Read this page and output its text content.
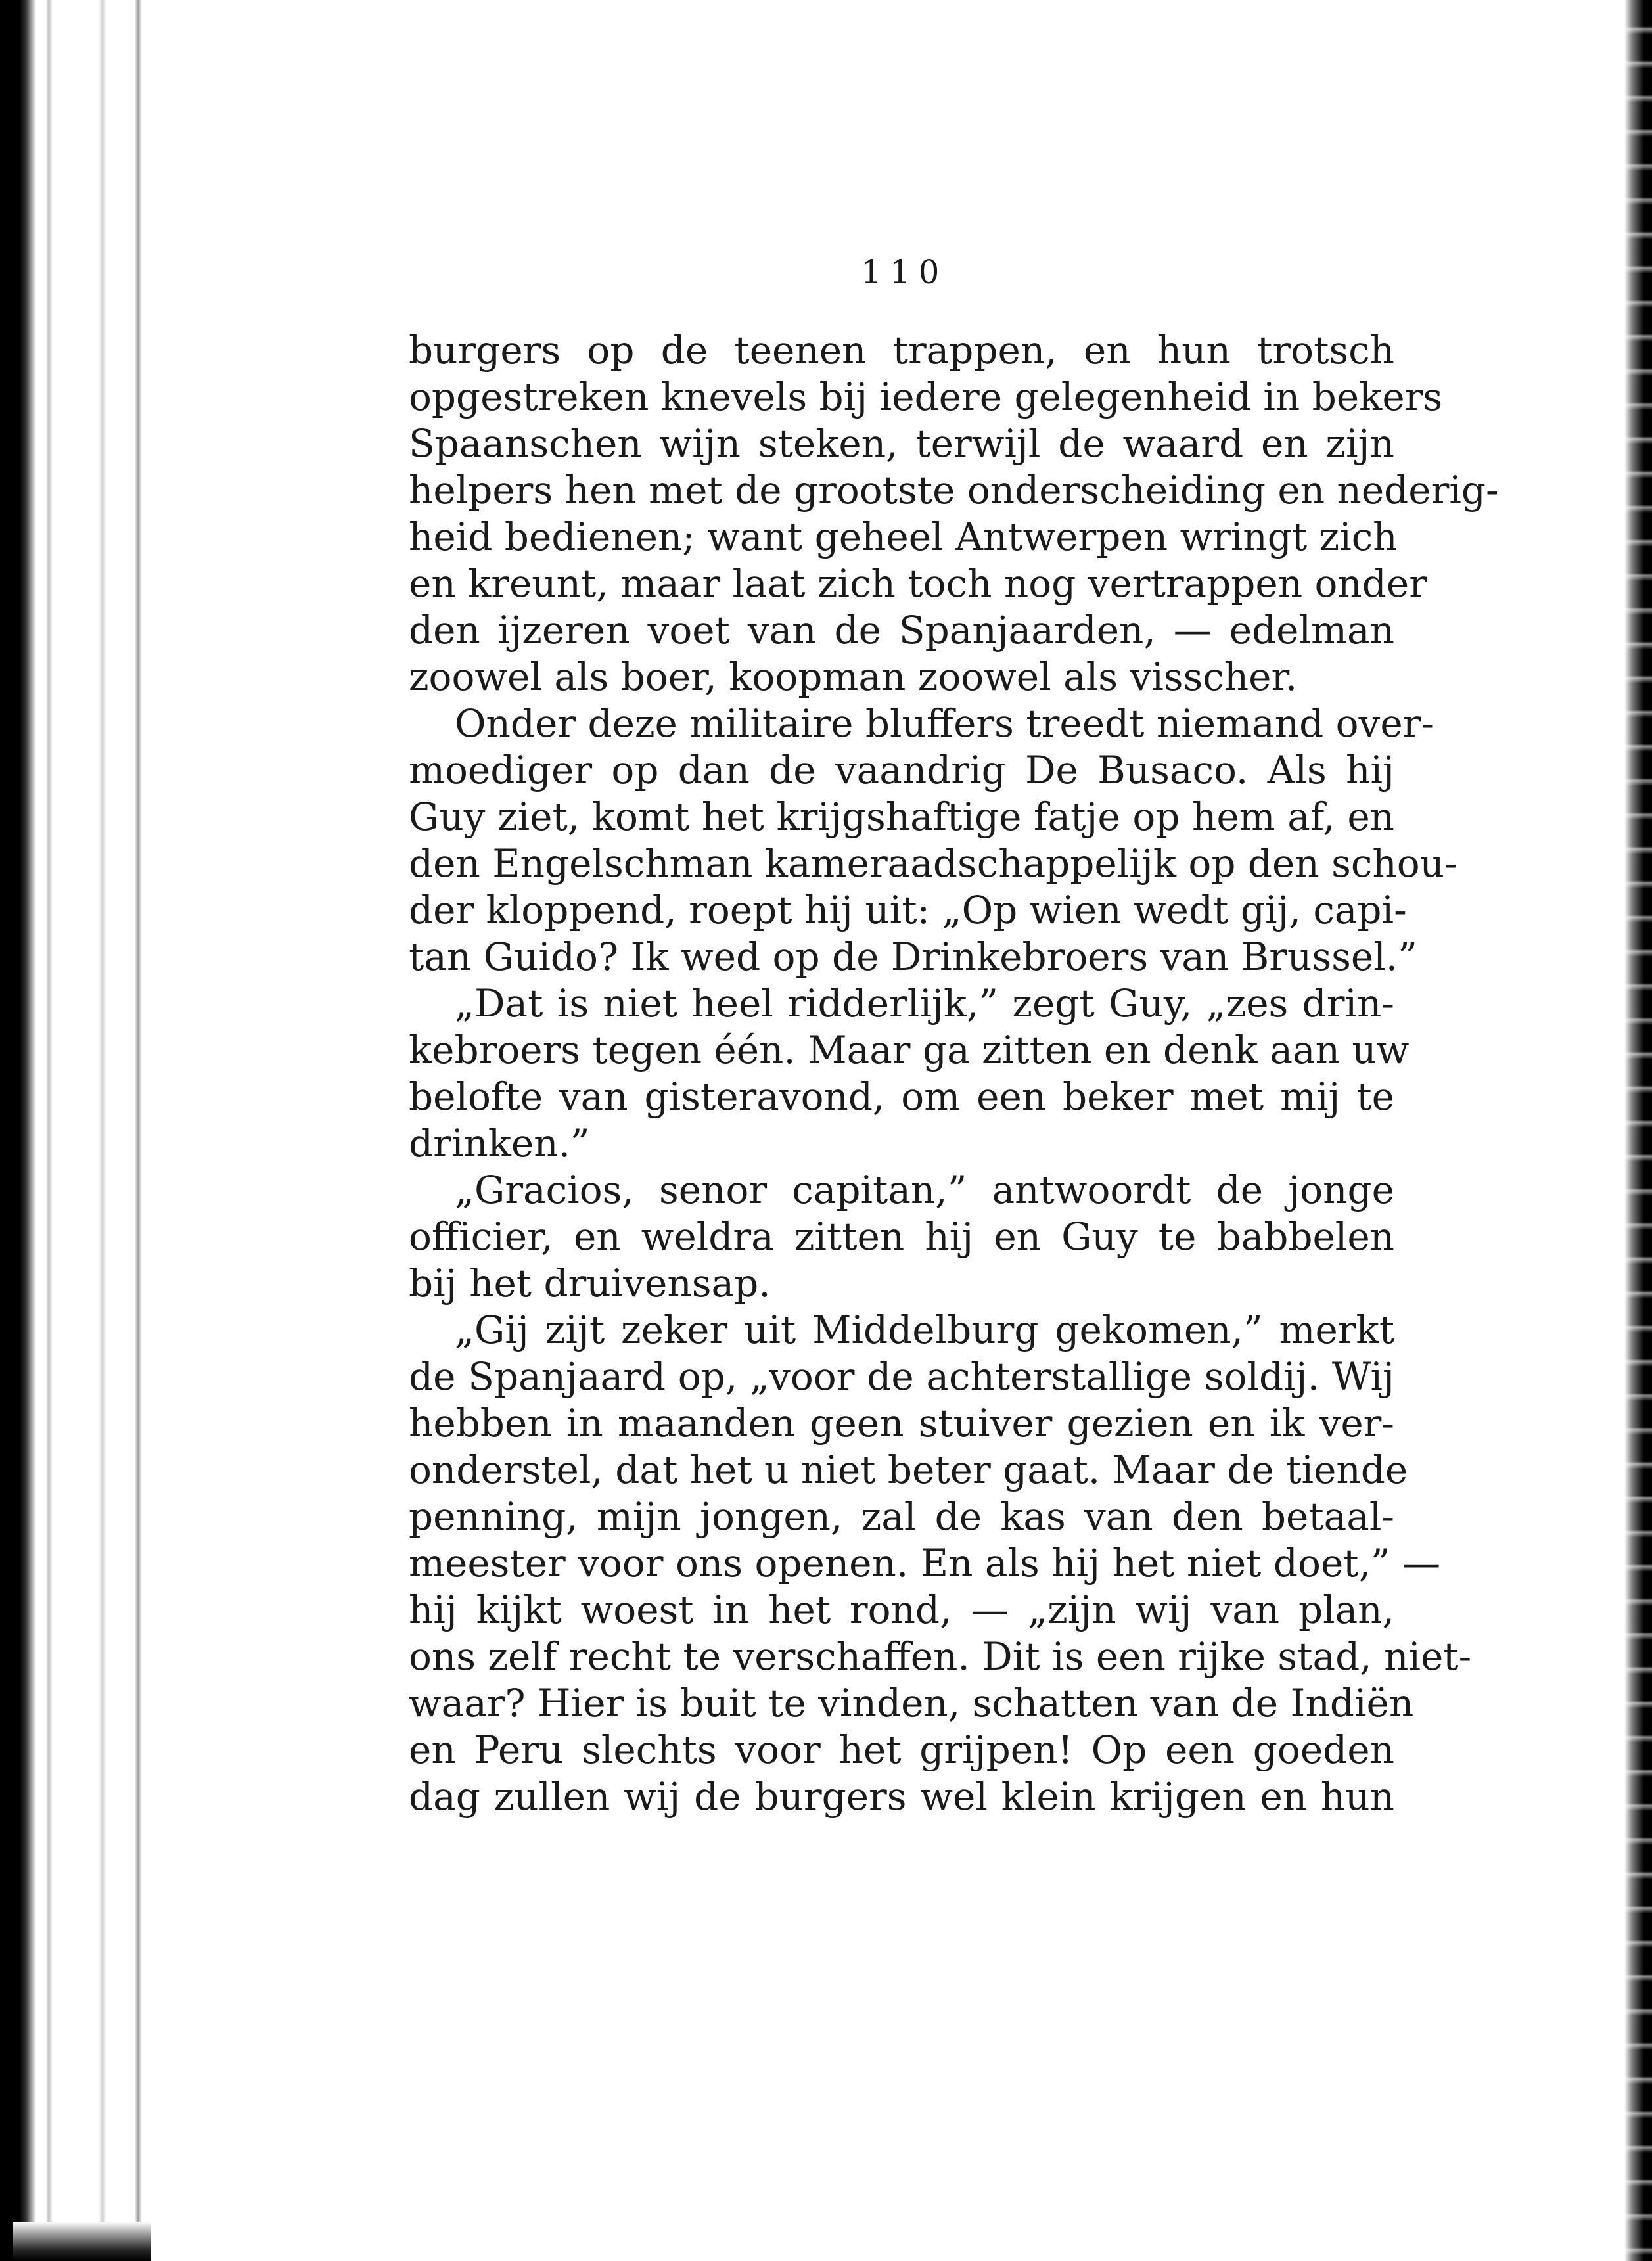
110

burgers op de teenen trappen, en hun trotsch
opgestreken knevels bij iedere gelegenheid in bekers
Spaanschen wijn steken, terwijl de waard en zijn
helpers hen met de grootste onderscheiding en nederig-
heid bedienen; want geheel Antwerpen wringt zich
en kreunt, maar laat zich toch nog vertrappen onder
den ijzeren voet van de Spanjaarden, — edelman
zoowel als boer, koopman zoowel als visscher.
Onder deze militaire bluffers treedt niemand over-
moediger op dan de vaandrig De Busaco. Als hij
Guy ziet, komt het krijgshaftige fatje op hem af, en
den Engelschman kameraadschappelijk op den schou-
der kloppend, roept hij uit: „Op wien wedt gij, capi-
tan Guido? Ik wed op de Drinkebroers van Brussel.”
„Dat is niet heel ridderlijk,” zegt Guy, „zes drin-
kebroers tegen één. Maar ga zitten en denk aan uw
belofte van gisteravond, om een beker met mij te
drinken.”
„Gracios, senor capitan,” antwoordt de jonge
officier, en weldra zitten hij en Guy te babbelen
bij het druivensap.
„Gij zijt zeker uit Middelburg gekomen,” merkt
de Spanjaard op, „voor de achterstallige soldij. Wij
hebben in maanden geen stuiver gezien en ik ver-
onderstel, dat het u niet beter gaat. Maar de tiende
penning, mijn jongen, zal de kas van den betaal-
meester voor ons openen. En als hij het niet doet,” —
hij kijkt woest in het rond, — „zijn wij van plan,
ons zelf recht te verschaffen. Dit is een rijke stad, niet-
waar? Hier is buit te vinden, schatten van de Indiën
en Peru slechts voor het grijpen! Op een goeden
dag zullen wij de burgers wel klein krijgen en hun
